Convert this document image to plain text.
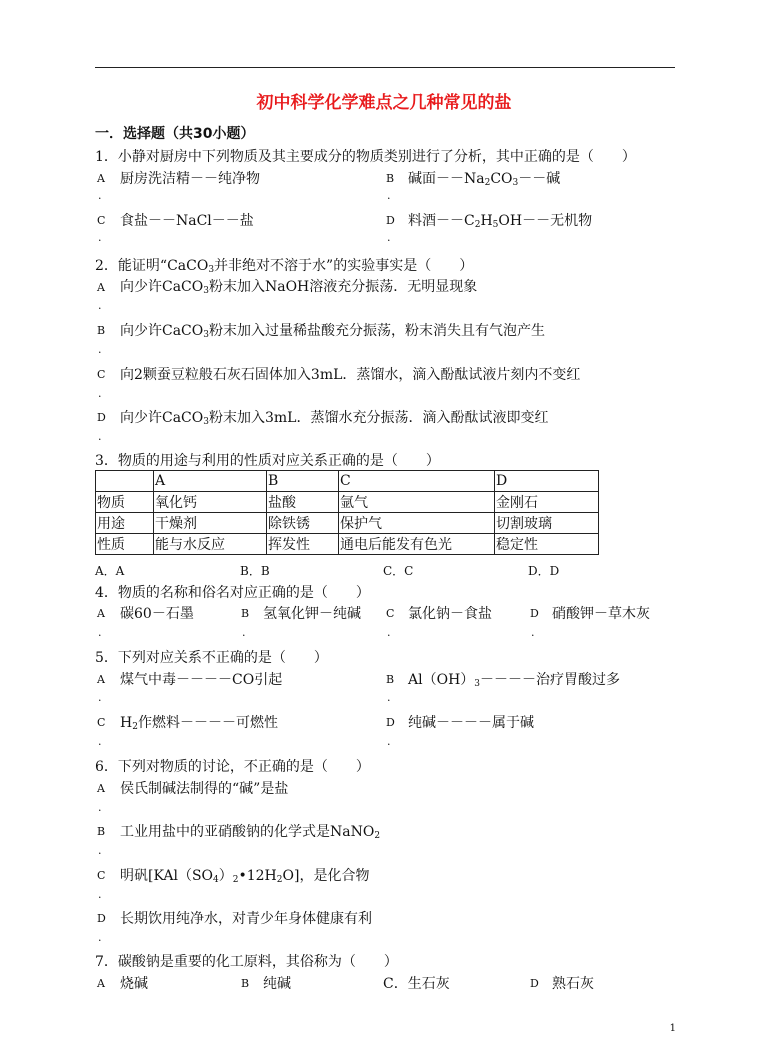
初中科学化学难点之几种常见的盐
一．选择题（共30小题）
1．小静对厨房中下列物质及其主要成分的物质类别进行了分析，其中正确的是（　　）
A
.
厨房洗洁精－－纯净物	B
.
碱面$--Na_2CO_3--$碱
C
.
食盐－－NaCl－－盐	D
.
料酒$--C_2H_5OH--$无机物
2．能证明“CaCO$_3$并非绝对不溶于水”的实验事实是（　　）
A
.
向少许CaCO$_3$粉末加入NaOH溶液充分振荡．无明显现象
B
.
向少许CaCO$_3$粉末加入过量稀盐酸充分振荡，粉末消失且有气泡产生
C
.
向2颗蚕豆粒般石灰石固体加入3mL．蒸馏水，滴入酚酞试液片刻内不变红
D
.
向少许CaCO$_3$粉末加入3mL．蒸馏水充分振荡．滴入酚酞试液即变红
3．物质的用途与利用的性质对应关系正确的是（　　）
	A	B	C	D
物质	氧化钙	盐酸	氩气	金刚石
用途	干燥剂	除铁锈	保护气	切割玻璃
性质	能与水反应	挥发性	通电后能发有色光	稳定性
A．A	B．B	C．C	D．D
4．物质的名称和俗名对应正确的是（　　）
A
.
碳60－石墨	B
.
氢氧化钾－纯碱 C
.
氯化钠－食盐	D
.
硝酸钾－草木灰
5．下列对应关系不正确的是（　　）
A
.
煤气中毒－－－－CO引起	B
.
$Al(OH)_3----$治疗胃酸过多
C
.
$H_2$作燃料－－－－可燃性	D
.
纯碱－－－－属于碱
6．下列对物质的讨论，不正确的是（　　）
A
.
侯氏制碱法制得的“碱”是盐
B
.
工业用盐中的亚硝酸钠的化学式是NaNO$_2$
C
.
明矾$[KAl(SO_4)_2•12H_2O]$，是化合物
D
.
长期饮用纯净水，对青少年身体健康有利
7．碳酸钠是重要的化工原料，其俗称为（　　）
A 烧碱	B 纯碱	C．生石灰	D 熟石灰
1
